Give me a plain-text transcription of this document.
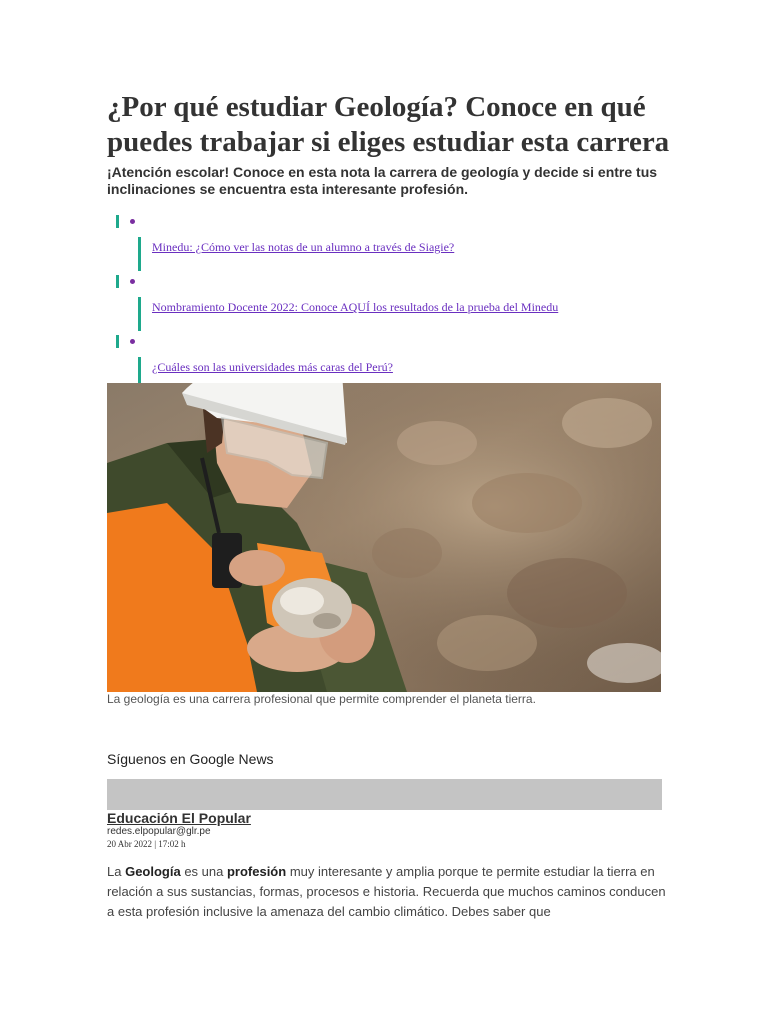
¿Por qué estudiar Geología? Conoce en qué puedes trabajar si eliges estudiar esta carrera

¡Atención escolar! Conoce en esta nota la carrera de geología y decide si entre tus inclinaciones se encuentra esta interesante profesión.

Minedu: ¿Cómo ver las notas de un alumno a través de Siagie?
Nombramiento Docente 2022: Conoce AQUÍ los resultados de la prueba del Minedu
¿Cuáles son las universidades más caras del Perú?

La geología es una carrera profesional que permite comprender el planeta tierra.

Síguenos en Google News

Educación El Popular

redes.elpopular@glr.pe

20 Abr 2022 | 17:02 h

La Geología es una profesión muy interesante y amplia porque te permite estudiar la tierra en relación a sus sustancias, formas, procesos e historia. Recuerda que muchos caminos conducen a esta profesión inclusive la amenaza del cambio climático. Debes saber que
